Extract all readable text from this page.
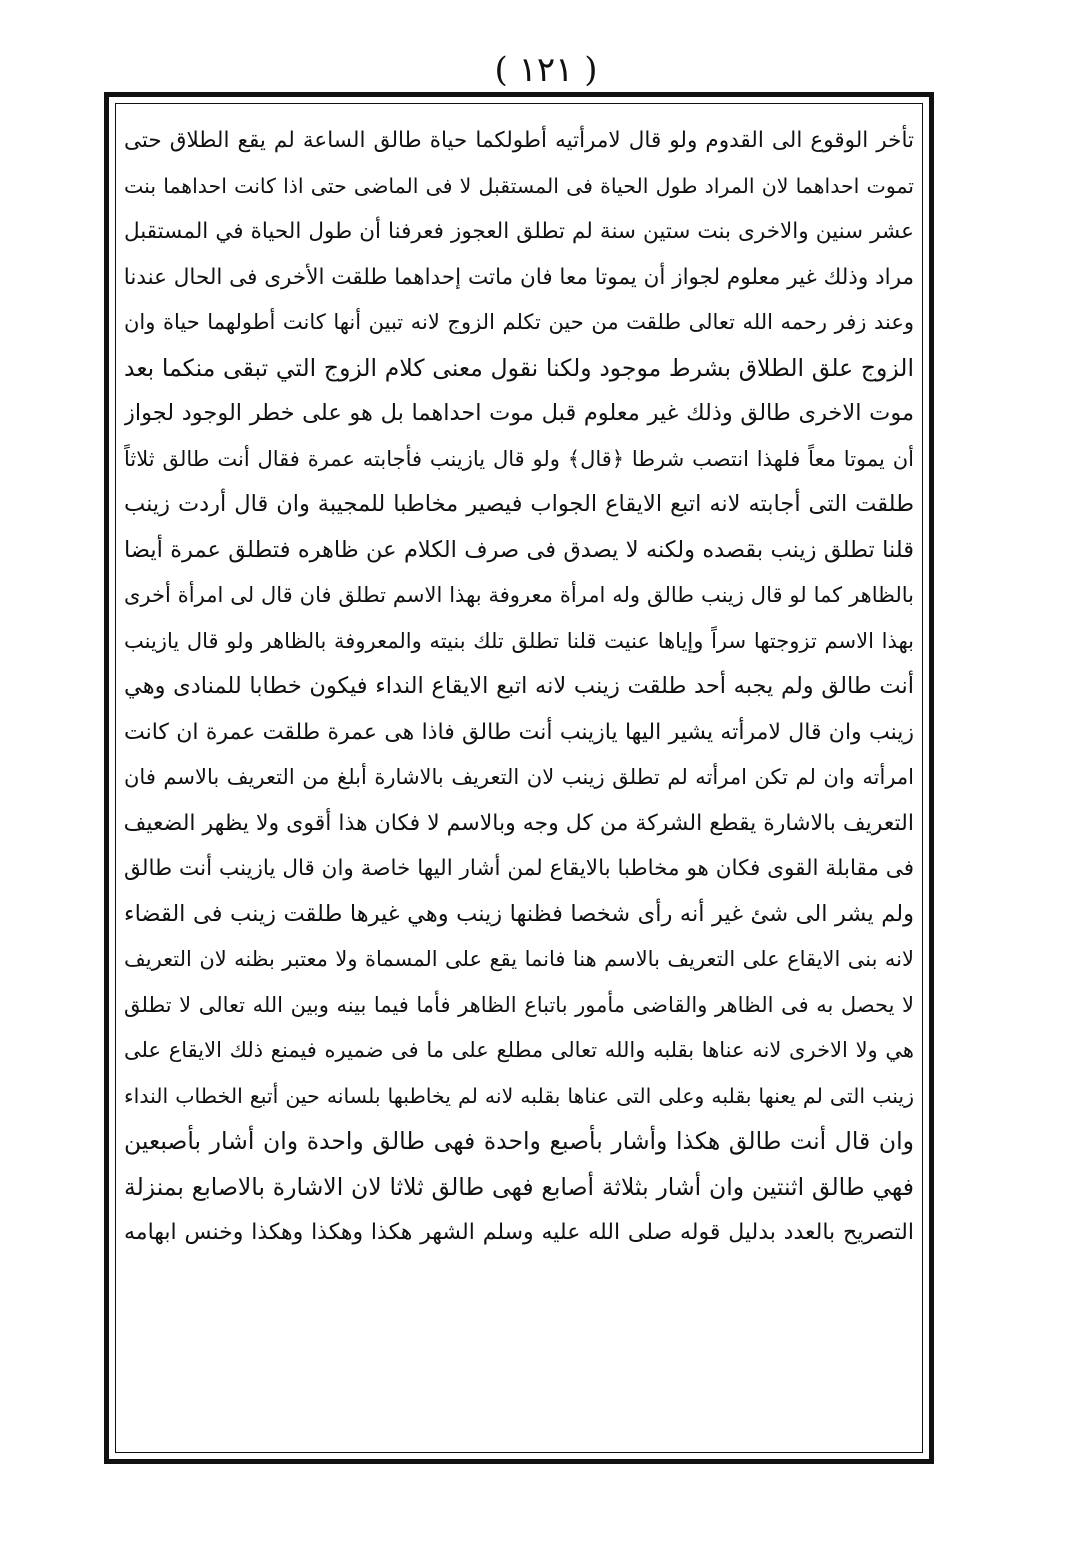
( ١٢١ )
تأخر الوقوع الى القدوم ولو قال لامرأتيه أطولكما حياة طالق الساعة لم يقع الطلاق حتى
تموت احداهما لان المراد طول الحياة فى المستقبل لا فى الماضى حتى اذا كانت احداهما بنت
عشر سنين والاخرى بنت ستين سنة لم تطلق العجوز فعرفنا أن طول الحياة في المستقبل
مراد وذلك غير معلوم لجواز أن يموتا معا فان ماتت إحداهما طلقت الأخرى فى الحال عندنا
وعند زفر رحمه الله تعالى طلقت من حين تكلم الزوج لانه تبين أنها كانت أطولهما حياة وان
الزوج علق الطلاق بشرط موجود ولكنا نقول معنى كلام الزوج التي تبقى منكما بعد
موت الاخرى طالق وذلك غير معلوم قبل موت احداهما بل هو على خطر الوجود لجواز
أن يموتا معاً فلهذا انتصب شرطا ﴿قال﴾ ولو قال يازينب فأجابته عمرة فقال أنت طالق ثلاثاً
طلقت التى أجابته لانه اتبع الايقاع الجواب فيصير مخاطبا للمجيبة وان قال أردت زينب
قلنا تطلق زينب بقصده ولكنه لا يصدق فى صرف الكلام عن ظاهره فتطلق عمرة أيضا
بالظاهر كما لو قال زينب طالق وله امرأة معروفة بهذا الاسم تطلق فان قال لى امرأة أخرى
بهذا الاسم تزوجتها سراً وإياها عنيت قلنا تطلق تلك بنيته والمعروفة بالظاهر ولو قال يازينب
أنت طالق ولم يجبه أحد طلقت زينب لانه اتبع الايقاع النداء فيكون خطابا للمنادى وهي
زينب وان قال لامرأته يشير اليها يازينب أنت طالق فاذا هى عمرة طلقت عمرة ان كانت
امرأته وان لم تكن امرأته لم تطلق زينب لان التعريف بالاشارة أبلغ من التعريف بالاسم فان
التعريف بالاشارة يقطع الشركة من كل وجه وبالاسم لا فكان هذا أقوى ولا يظهر الضعيف
فى مقابلة القوى فكان هو مخاطبا بالايقاع لمن أشار اليها خاصة وان قال يازينب أنت طالق
ولم يشر الى شئ غير أنه رأى شخصا فظنها زينب وهي غيرها طلقت زينب فى القضاء
لانه بنى الايقاع على التعريف بالاسم هنا فانما يقع على المسماة ولا معتبر بظنه لان التعريف
لا يحصل به فى الظاهر والقاضى مأمور باتباع الظاهر فأما فيما بينه وبين الله تعالى لا تطلق
هي ولا الاخرى لانه عناها بقلبه والله تعالى مطلع على ما فى ضميره فيمنع ذلك الايقاع على
زينب التى لم يعنها بقلبه وعلى التى عناها بقلبه لانه لم يخاطبها بلسانه حين أتبع الخطاب النداء
وان قال أنت طالق هكذا وأشار بأصبع واحدة فهى طالق واحدة وان أشار بأصبعين
فهي طالق اثنتين وان أشار بثلاثة أصابع فهى طالق ثلاثا لان الاشارة بالاصابع بمنزلة
التصريح بالعدد بدليل قوله صلى الله عليه وسلم الشهر هكذا وهكذا وهكذا وخنس ابهامه
